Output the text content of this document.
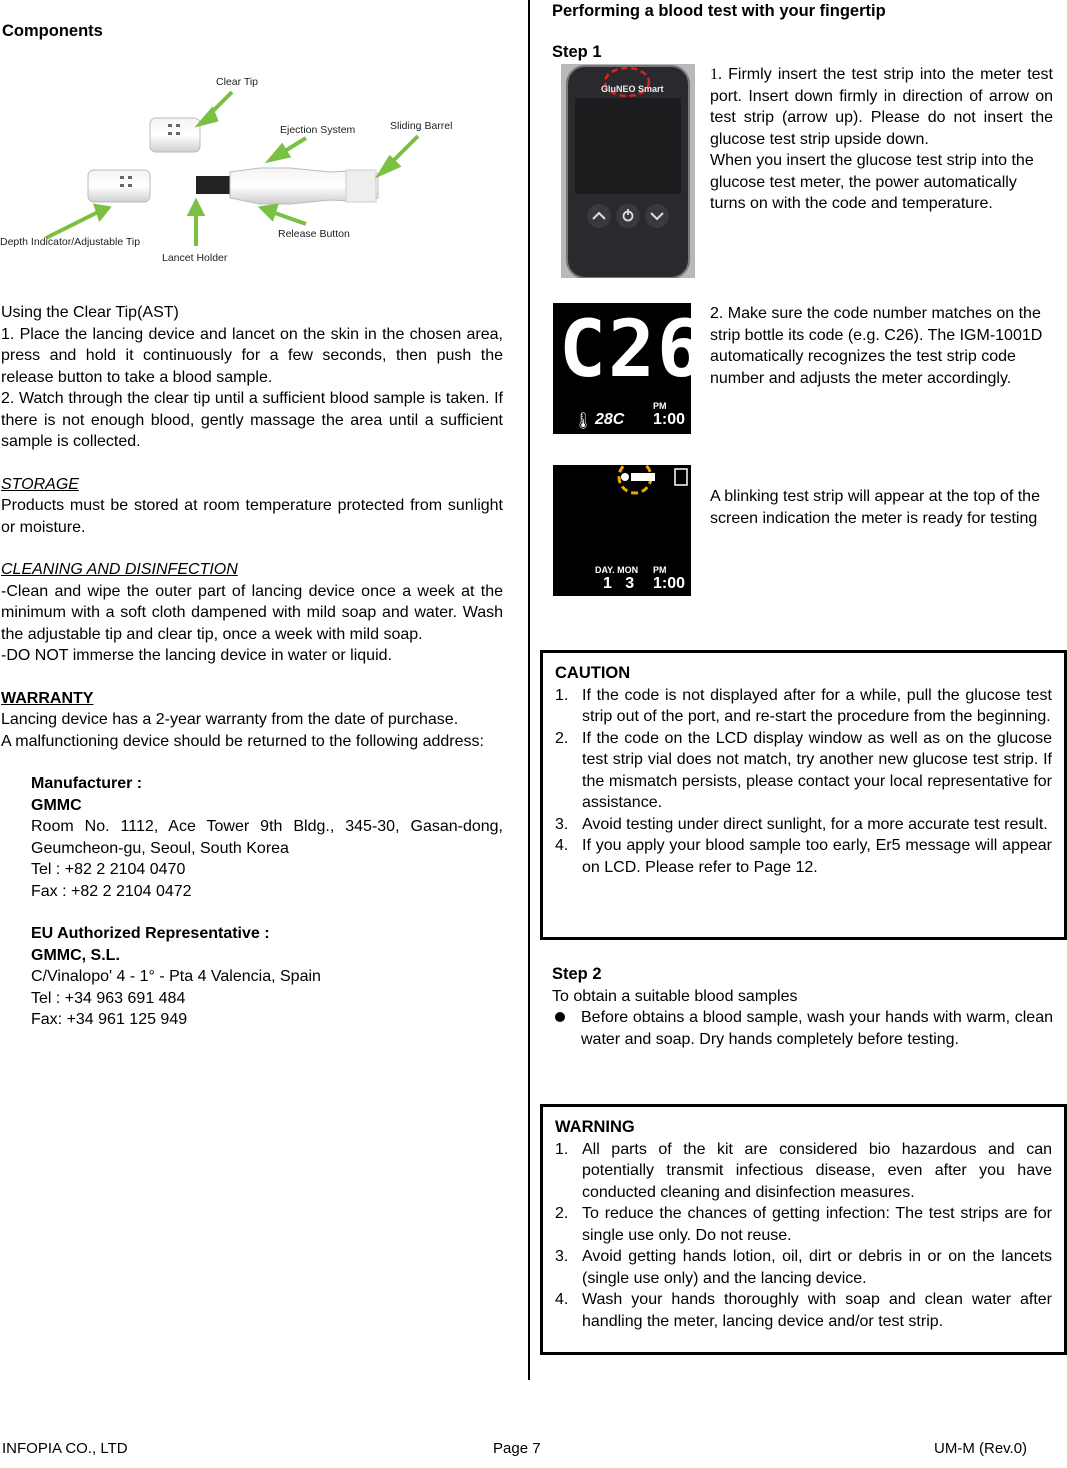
Components
Clear Tip
Ejection System	Sliding Barrel
Depth Indicator/Adjustable Tip
Lancet Holder
Release Button

Using the Clear Tip(AST)

1. Place the lancing device and lancet on the skin in the chosen area, press and hold it continuously for a few seconds, then push the release button to take a blood sample.

2. Watch through the clear tip until a sufficient blood sample is taken. If there is not enough blood, gently massage the area until a sufficient sample is collected.

STORAGE

Products must be stored at room temperature protected from sunlight or moisture.

CLEANING AND DISINFECTION

-Clean and wipe the outer part of lancing device once a week at the minimum with a soft cloth dampened with mild soap and water. Wash the adjustable tip and clear tip, once a week with mild soap.

-DO NOT immerse the lancing device in water or liquid.

WARRANTY

Lancing device has a 2-year warranty from the date of purchase.

A malfunctioning device should be returned to the following address:

Manufacturer :

GMMC

Room No. 1112, Ace Tower 9th Bldg., 345-30, Gasan-dong, Geumcheon-gu, Seoul, South Korea

Tel : +82 2 2104 0470

Fax : +82 2 2104 0472

EU Authorized Representative :

GMMC, S.L.

C/Vinalopo' 4 - 1° - Pta 4 Valencia, Spain

Tel : +34 963 691 484

Fax: +34 961 125 949

Performing a blood test with your fingertip
Step 1
GluNEO Smart

1. Firmly insert the test strip into the meter test port. Insert down firmly in direction of arrow on test strip (arrow up). Please do not insert the glucose test strip upside down.

When you insert the glucose test strip into the glucose test meter, the power automatically turns on with the code and temperature.

C26
🌡 28C
PM
1:00
2. Make sure the code number matches on the strip bottle its code (e.g. C26). The IGM-1001D automatically recognizes the test strip code number and adjusts the meter accordingly.
DAY. MON
1   3
PM
1:00
A blinking test strip will appear at the top of the screen indication the meter is ready for testing
CAUTION
1. If the code is not displayed after for a while, pull the glucose test strip out of the port, and re-start the procedure from the beginning.
2. If the code on the LCD display window as well as on the glucose test strip vial does not match, try another new glucose test strip. If the mismatch persists, please contact your local representative for assistance.
3. Avoid testing under direct sunlight, for a more accurate test result.
4. If you apply your blood sample too early, Er5 message will appear on LCD. Please refer to Page 12.

Step 2

To obtain a suitable blood samples

Before obtains a blood sample, wash your hands with warm, clean water and soap. Dry hands completely before testing.

WARNING
1. All parts of the kit are considered bio hazardous and can potentially transmit infectious disease, even after you have conducted cleaning and disinfection measures.
2. To reduce the chances of getting infection: The test strips are for single use only. Do not reuse.
3. Avoid getting hands lotion, oil, dirt or debris in or on the lancets (single use only) and the lancing device.
4. Wash your hands thoroughly with soap and clean water after handling the meter, lancing device and/or test strip.
INFOPIA CO., LTD	Page 7	UM-M (Rev.0)
